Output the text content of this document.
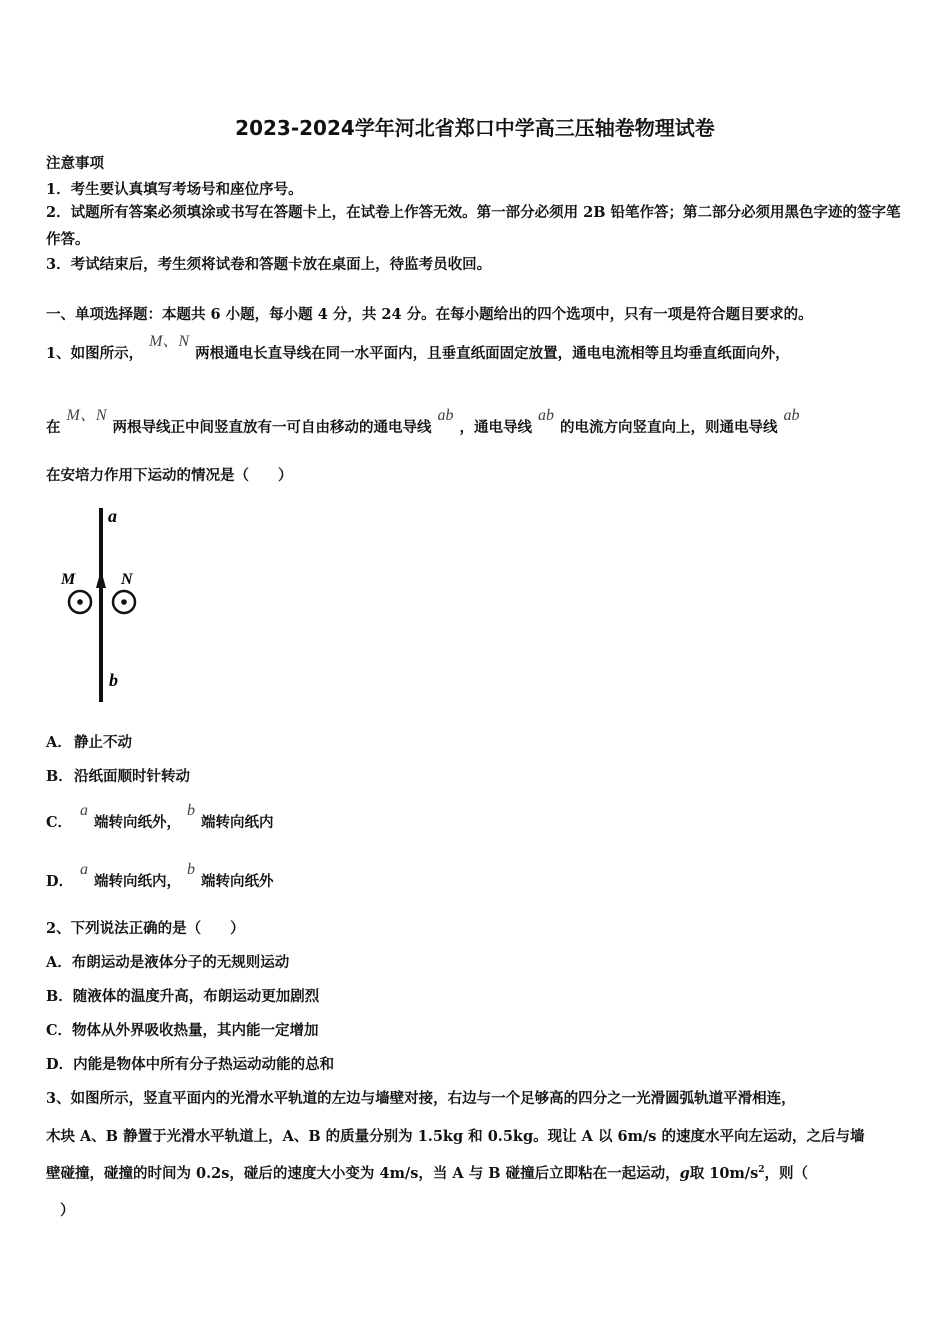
2023-2024学年河北省郑口中学高三压轴卷物理试卷
注意事项
1．考生要认真填写考场号和座位序号。
2．试题所有答案必须填涂或书写在答题卡上，在试卷上作答无效。第一部分必须用 2B 铅笔作答；第二部分必须用黑色字迹的签字笔作答。
3．考试结束后，考生须将试卷和答题卡放在桌面上，待监考员收回。
一、单项选择题：本题共 6 小题，每小题 4 分，共 24 分。在每小题给出的四个选项中，只有一项是符合题目要求的。
1、如图所示，M、N两根通电长直导线在同一水平面内，且垂直纸面固定放置，通电电流相等且均垂直纸面向外，
在M、N两根导线正中间竖直放有一可自由移动的通电导线ab，通电导线ab的电流方向竖直向上，则通电导线ab
在安培力作用下运动的情况是（　　）
a
b
M	N
A． 静止不动
B．沿纸面顺时针转动
C．a端转向纸外，b端转向纸内
D．a端转向纸内，b端转向纸外
2、下列说法正确的是（　　）
A．布朗运动是液体分子的无规则运动
B．随液体的温度升高，布朗运动更加剧烈
C．物体从外界吸收热量，其内能一定增加
D．内能是物体中所有分子热运动动能的总和
3、如图所示，竖直平面内的光滑水平轨道的左边与墙壁对接，右边与一个足够高的四分之一光滑圆弧轨道平滑相连，
木块 A、B 静置于光滑水平轨道上，A、B 的质量分别为 1.5kg 和 0.5kg。现让 A 以 6m/s 的速度水平向左运动，之后与墙
壁碰撞，碰撞的时间为 0.2s，碰后的速度大小变为 4m/s，当 A 与 B 碰撞后立即粘在一起运动，g取 $10m/s^2$，则（
）
